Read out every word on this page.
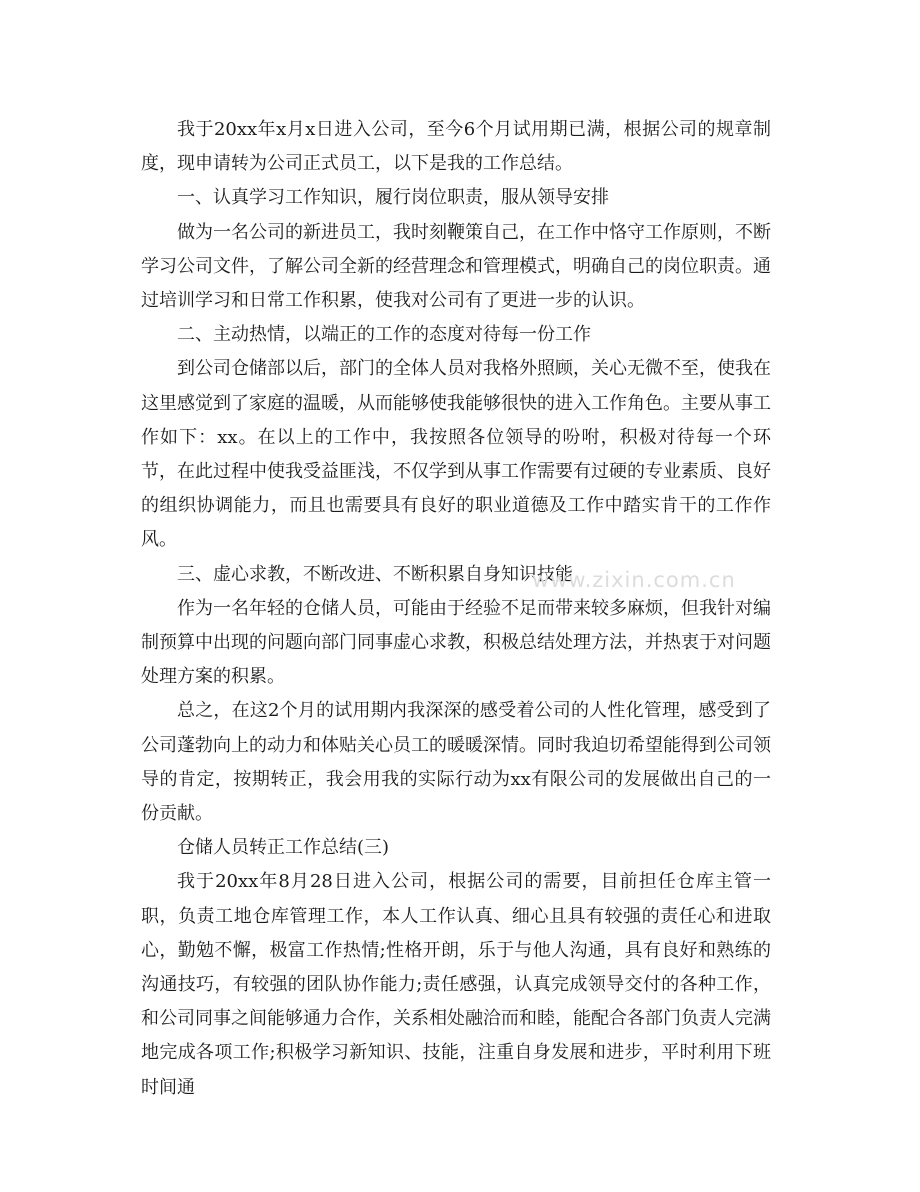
我于20xx年x月x日进入公司，至今6个月试用期已满，根据公司的规章制度，现申请转为公司正式员工，以下是我的工作总结。

一、认真学习工作知识，履行岗位职责，服从领导安排

做为一名公司的新进员工，我时刻鞭策自己，在工作中恪守工作原则，不断学习公司文件，了解公司全新的经营理念和管理模式，明确自己的岗位职责。通过培训学习和日常工作积累，使我对公司有了更进一步的认识。

二、主动热情，以端正的工作的态度对待每一份工作

到公司仓储部以后，部门的全体人员对我格外照顾，关心无微不至，使我在这里感觉到了家庭的温暖，从而能够使我能够很快的进入工作角色。主要从事工作如下：xx。在以上的工作中，我按照各位领导的吩咐，积极对待每一个环节，在此过程中使我受益匪浅，不仅学到从事工作需要有过硬的专业素质、良好的组织协调能力，而且也需要具有良好的职业道德及工作中踏实肯干的工作作风。

三、虚心求教，不断改进、不断积累自身知识技能

作为一名年轻的仓储人员，可能由于经验不足而带来较多麻烦，但我针对编制预算中出现的问题向部门同事虚心求教，积极总结处理方法，并热衷于对问题处理方案的积累。

总之，在这2个月的试用期内我深深的感受着公司的人性化管理，感受到了公司蓬勃向上的动力和体贴关心员工的暖暖深情。同时我迫切希望能得到公司领导的肯定，按期转正，我会用我的实际行动为xx有限公司的发展做出自己的一份贡献。

仓储人员转正工作总结(三)

我于20xx年8月28日进入公司，根据公司的需要，目前担任仓库主管一职，负责工地仓库管理工作，本人工作认真、细心且具有较强的责任心和进取心，勤勉不懈，极富工作热情;性格开朗，乐于与他人沟通，具有良好和熟练的沟通技巧，有较强的团队协作能力;责任感强，认真完成领导交付的各种工作，和公司同事之间能够通力合作，关系相处融洽而和睦，能配合各部门负责人完满地完成各项工作;积极学习新知识、技能，注重自身发展和进步，平时利用下班时间通

www.zixin.com.cn
